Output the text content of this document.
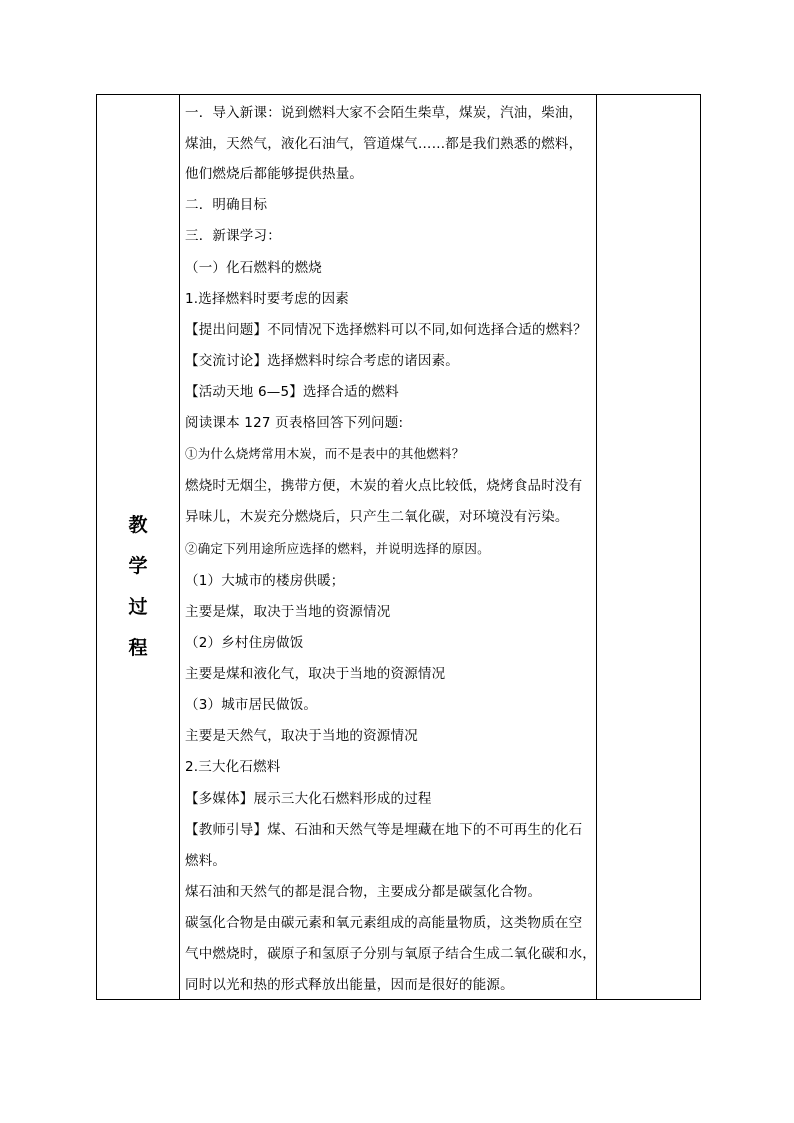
教
学
过
程
一．导入新课：说到燃料大家不会陌生柴草，煤炭，汽油，柴油，
煤油，天然气，液化石油气，管道煤气……都是我们熟悉的燃料，
他们燃烧后都能够提供热量。
二．明确目标
三．新课学习：
（一）化石燃料的燃烧
1.选择燃料时要考虑的因素
【提出问题】不同情况下选择燃料可以不同,如何选择合适的燃料？
【交流讨论】选择燃料时综合考虑的诸因素。
【活动天地 6—5】选择合适的燃料
阅读课本 127 页表格回答下列问题:
①为什么烧烤常用木炭，而不是表中的其他燃料？
燃烧时无烟尘，携带方便，木炭的着火点比较低，烧烤食品时没有
异味儿，木炭充分燃烧后，只产生二氧化碳，对环境没有污染。
②确定下列用途所应选择的燃料，并说明选择的原因。
（1）大城市的楼房供暖；
主要是煤，取决于当地的资源情况
（2）乡村住房做饭
主要是煤和液化气，取决于当地的资源情况
（3）城市居民做饭。
主要是天然气，取决于当地的资源情况
2.三大化石燃料
【多媒体】展示三大化石燃料形成的过程
【教师引导】煤、石油和天然气等是埋藏在地下的不可再生的化石
燃料。
煤石油和天然气的都是混合物，主要成分都是碳氢化合物。
碳氢化合物是由碳元素和氧元素组成的高能量物质，这类物质在空
气中燃烧时，碳原子和氢原子分别与氧原子结合生成二氧化碳和水，
同时以光和热的形式释放出能量，因而是很好的能源。
